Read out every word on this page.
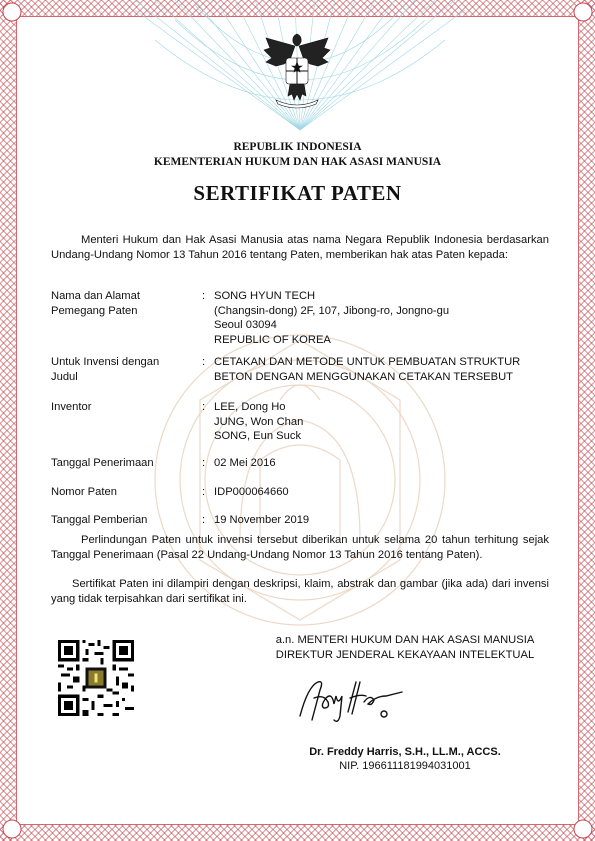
REPUBLIK INDONESIA
KEMENTERIAN HUKUM DAN HAK ASASI MANUSIA
SERTIFIKAT PATEN
Menteri Hukum dan Hak Asasi Manusia atas nama Negara Republik Indonesia berdasarkan Undang-Undang Nomor 13 Tahun 2016 tentang Paten, memberikan hak atas Paten kepada:
Nama dan Alamat
Pemegang Paten
: SONG HYUN TECH
(Changsin-dong) 2F, 107, Jibong-ro, Jongno-gu
Seoul 03094
REPUBLIC OF KOREA
Untuk Invensi dengan
Judul
: CETAKAN DAN METODE UNTUK PEMBUATAN STRUKTUR
BETON DENGAN MENGGUNAKAN CETAKAN TERSEBUT
Inventor	: LEE, Dong Ho
JUNG, Won Chan
SONG, Eun Suck
Tanggal Penerimaan	: 02 Mei 2016
Nomor Paten	: IDP000064660
Tanggal Pemberian	: 19 November 2019
Perlindungan Paten untuk invensi tersebut diberikan untuk selama 20 tahun terhitung sejak Tanggal Penerimaan (Pasal 22 Undang-Undang Nomor 13 Tahun 2016 tentang Paten).
Sertifikat Paten ini dilampiri dengan deskripsi, klaim, abstrak dan gambar (jika ada) dari invensi yang tidak terpisahkan dari sertifikat ini.
a.n. MENTERI HUKUM DAN HAK ASASI MANUSIA
DIREKTUR JENDERAL KEKAYAAN INTELEKTUAL
Dr. Freddy Harris, S.H., LL.M., ACCS.
NIP. 196611181994031001
